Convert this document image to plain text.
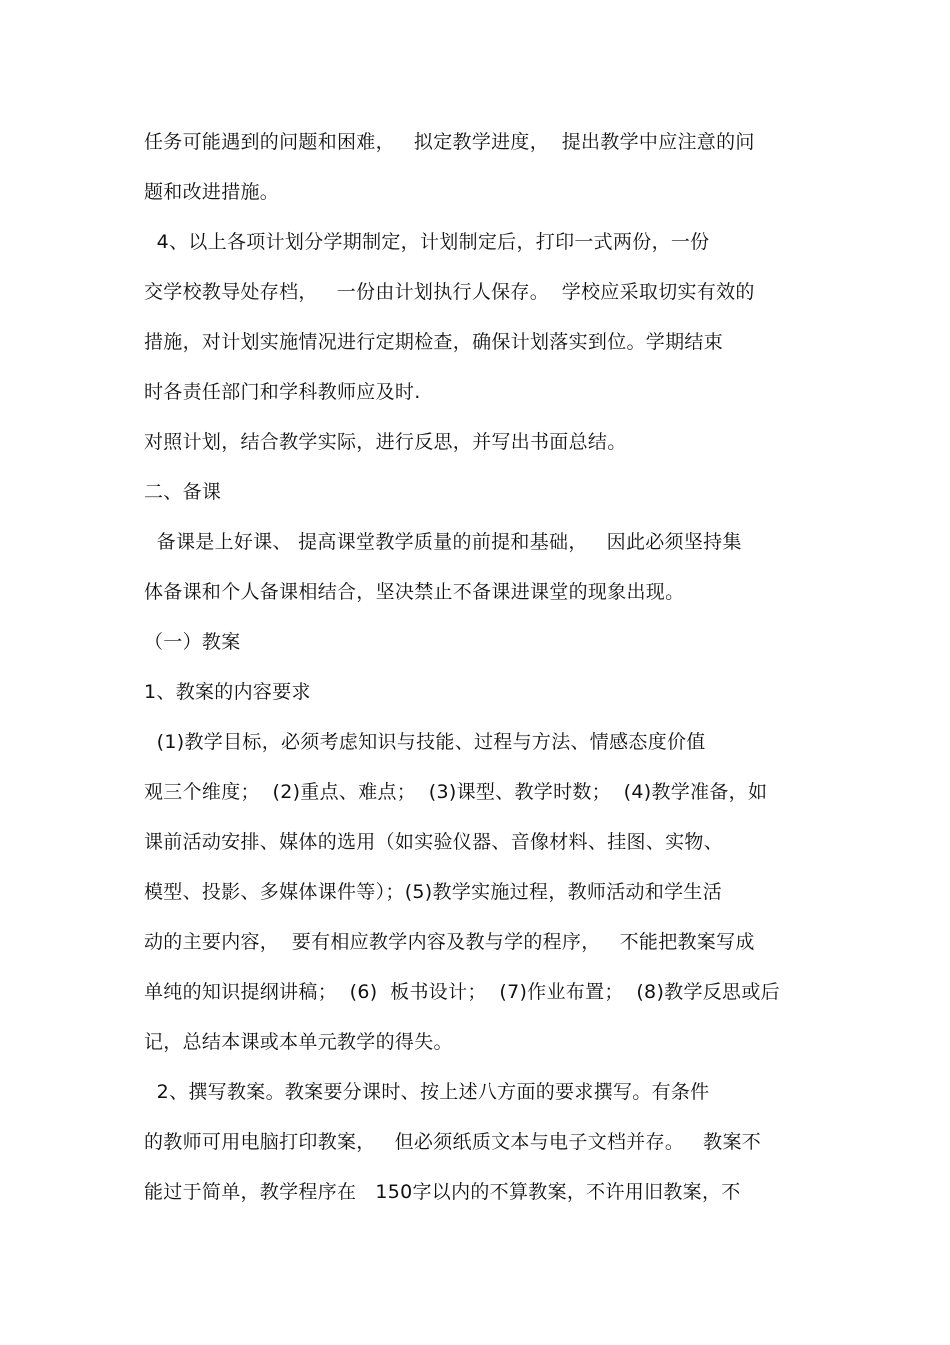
任务可能遇到的问题和困难，   拟定教学进度，  提出教学中应注意的问
题和改进措施。
4、以上各项计划分学期制定，计划制定后，打印一式两份，一份
交学校教导处存档，   一份由计划执行人保存。  学校应采取切实有效的
措施，对计划实施情况进行定期检查，确保计划落实到位。学期结束
时各责任部门和学科教师应及时.
对照计划，结合教学实际，进行反思，并写出书面总结。
二、备课
备课是上好课、 提高课堂教学质量的前提和基础，   因此必须坚持集
体备课和个人备课相结合，坚决禁止不备课进课堂的现象出现。
（一）教案
1、教案的内容要求
(1)教学目标，必须考虑知识与技能、过程与方法、情感态度价值
观三个维度；  (2)重点、难点；  (3)课型、教学时数；  (4)教学准备，如
课前活动安排、媒体的选用（如实验仪器、音像材料、挂图、实物、
模型、投影、多媒体课件等）；(5)教学实施过程，教师活动和学生活
动的主要内容，  要有相应教学内容及教与学的程序，   不能把教案写成
单纯的知识提纲讲稿；  (6)  板书设计；  (7)作业布置；  (8)教学反思或后
记，总结本课或本单元教学的得失。
2、撰写教案。教案要分课时、按上述八方面的要求撰写。有条件
的教师可用电脑打印教案，   但必须纸质文本与电子文档并存。   教案不
能过于简单，教学程序在   150字以内的不算教案，不许用旧教案，不
